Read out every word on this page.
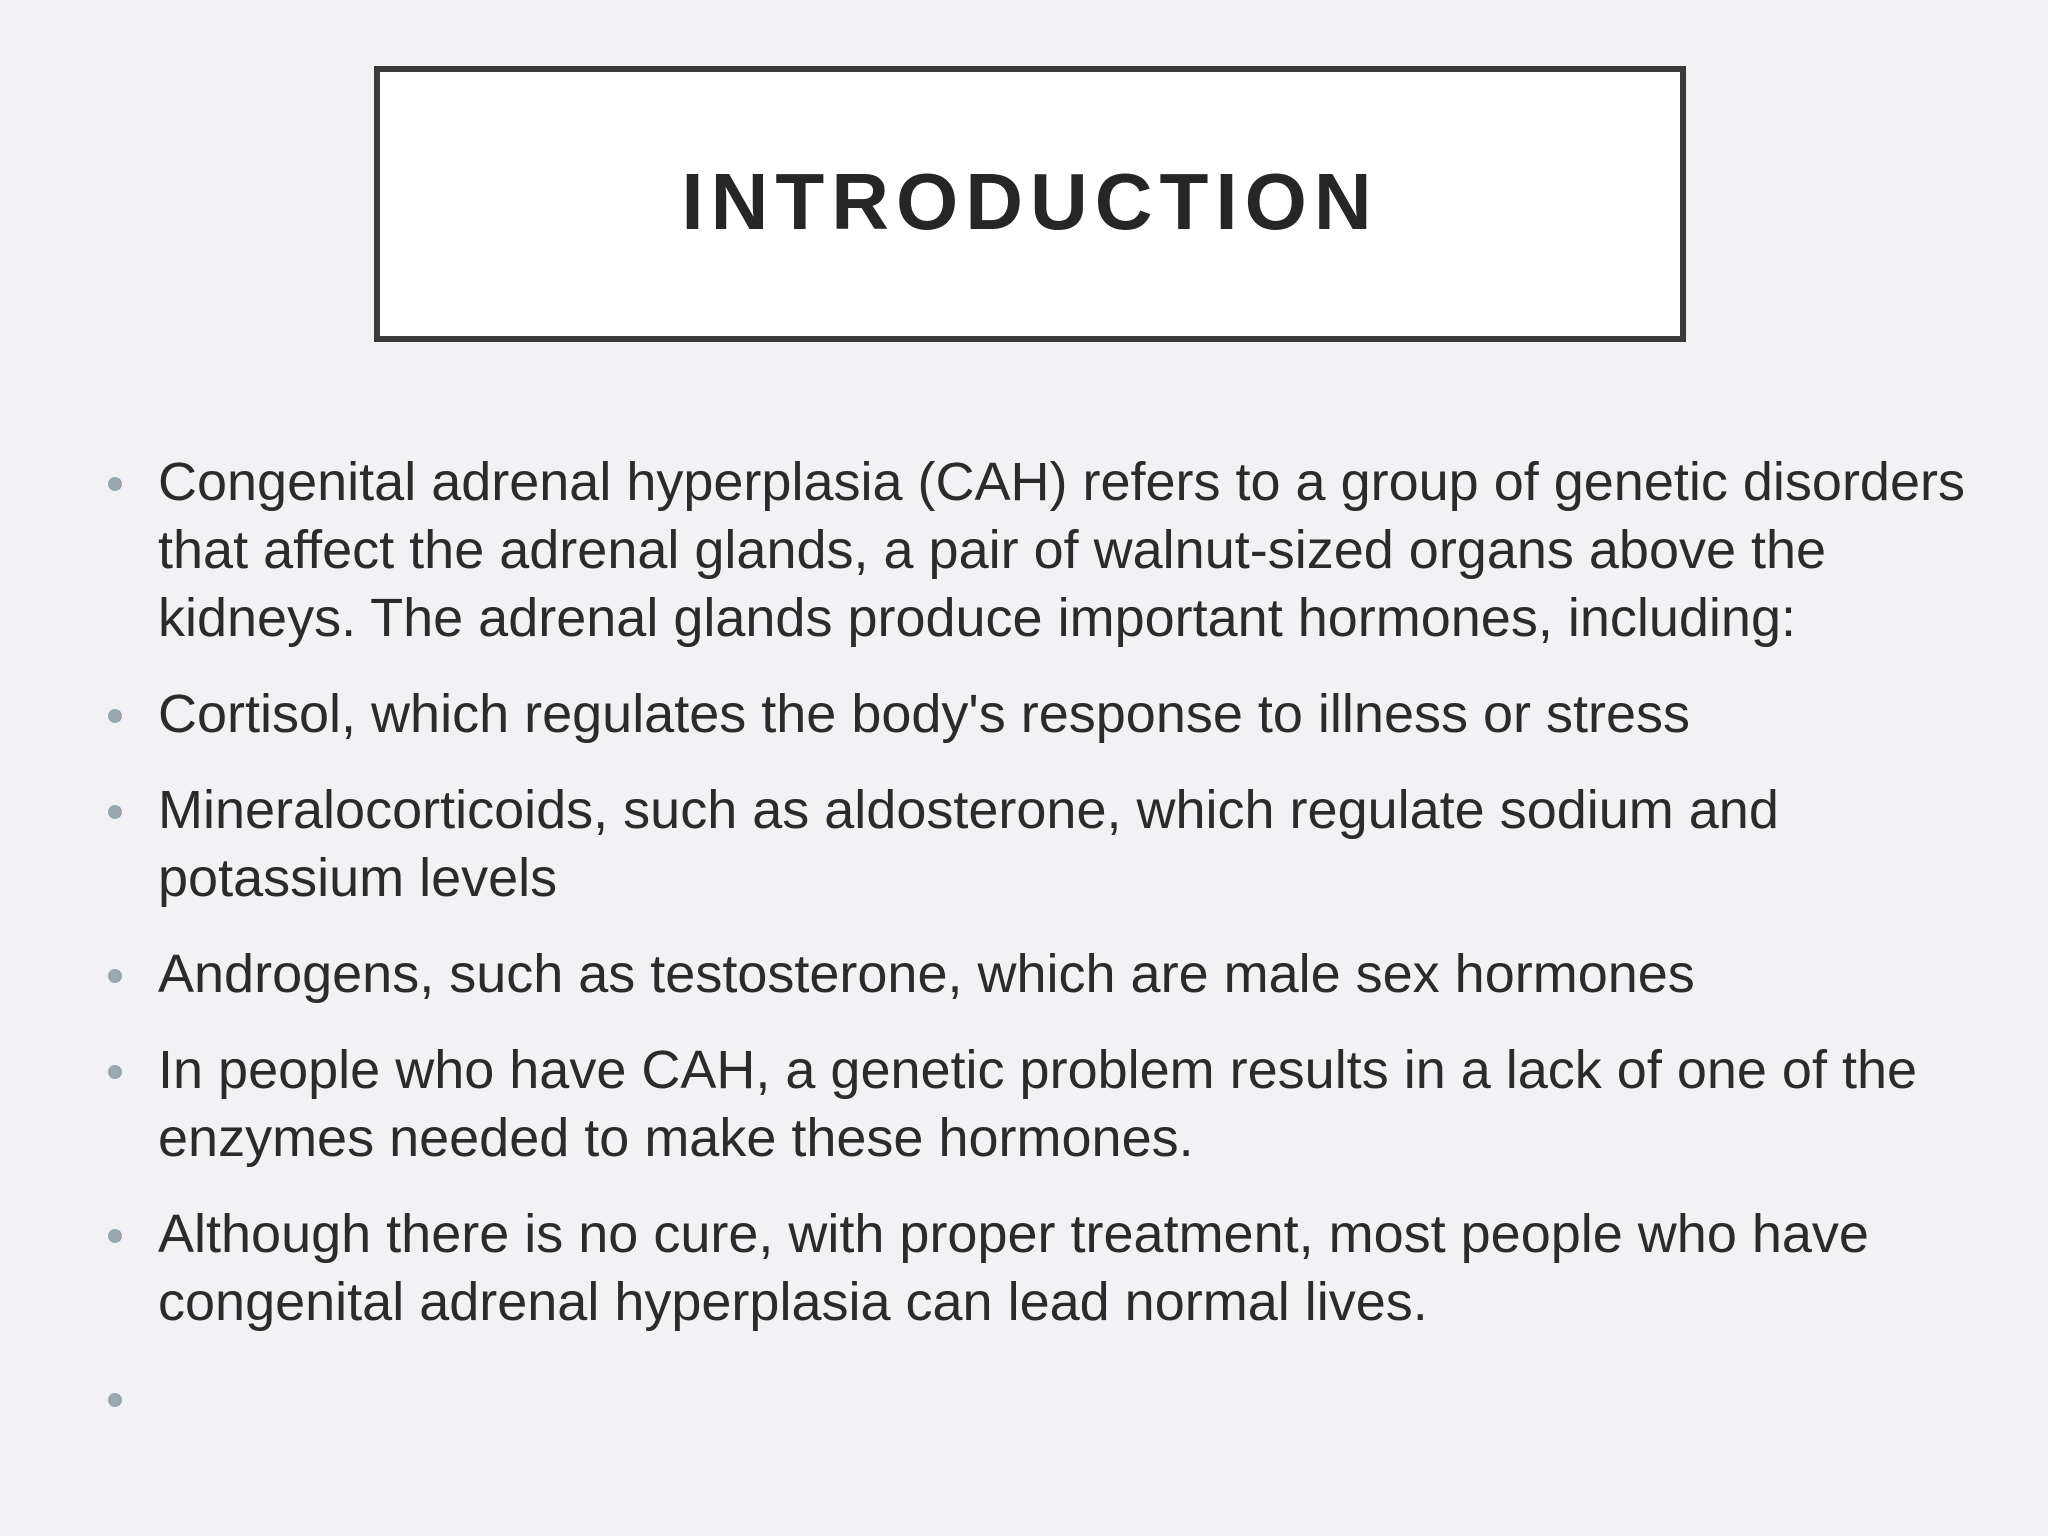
INTRODUCTION
Congenital adrenal hyperplasia (CAH) refers to a group of genetic disorders that affect the adrenal glands, a pair of walnut-sized organs above the kidneys. The adrenal glands produce important hormones, including:
Cortisol, which regulates the body's response to illness or stress
Mineralocorticoids, such as aldosterone, which regulate sodium and potassium levels
Androgens, such as testosterone, which are male sex hormones
In people who have CAH, a genetic problem results in a lack of one of the enzymes needed to make these hormones.
Although there is no cure, with proper treatment, most people who have congenital adrenal hyperplasia can lead normal lives.
